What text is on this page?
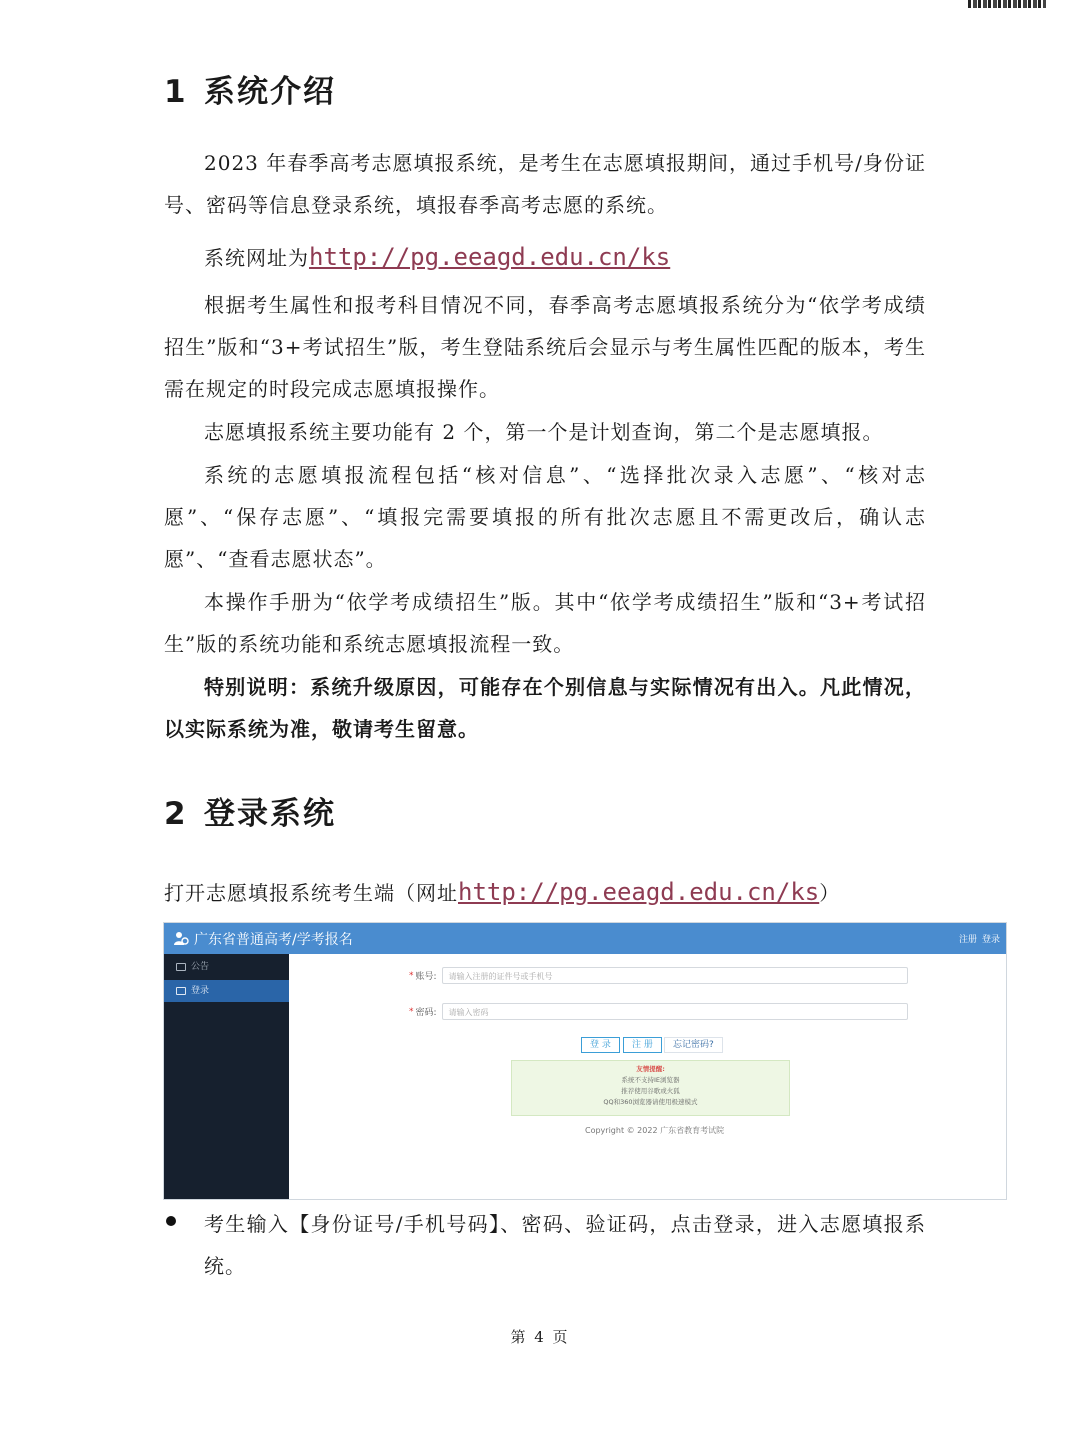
1 系统介绍

2023 年春季高考志愿填报系统，是考生在志愿填报期间，通过手机号/身份证号、密码等信息登录系统，填报春季高考志愿的系统。

系统网址为http://pg.eeagd.edu.cn/ks

根据考生属性和报考科目情况不同，春季高考志愿填报系统分为“依学考成绩招生”版和“3+考试招生”版，考生登陆系统后会显示与考生属性匹配的版本，考生需在规定的时段完成志愿填报操作。

志愿填报系统主要功能有 2 个，第一个是计划查询，第二个是志愿填报。

系统的志愿填报流程包括“核对信息”、“选择批次录入志愿”、“核对志愿”、“保存志愿”、“填报完需要填报的所有批次志愿且不需更改后，确认志愿”、“查看志愿状态”。

本操作手册为“依学考成绩招生”版。其中“依学考成绩招生”版和“3+考试招生”版的系统功能和系统志愿填报流程一致。

特别说明：系统升级原因，可能存在个别信息与实际情况有出入。凡此情况，以实际系统为准，敬请考生留意。

2 登录系统

打开志愿填报系统考生端（网址http://pg.eeagd.edu.cn/ks）

广东省普通高考/学考报名	注册 登录
公告
登录
* 账号:	请输入注册的证件号或手机号
* 密码:	请输入密码
登 录	注 册	忘记密码?
友情提醒:
系统不支持IE浏览器
推荐使用谷歌或火狐
QQ和360浏览器请使用极速模式
Copyright © 2022 广东省教育考试院

考生输入【身份证号/手机号码】、密码、验证码，点击登录，进入志愿填报系统。

第 4 页
